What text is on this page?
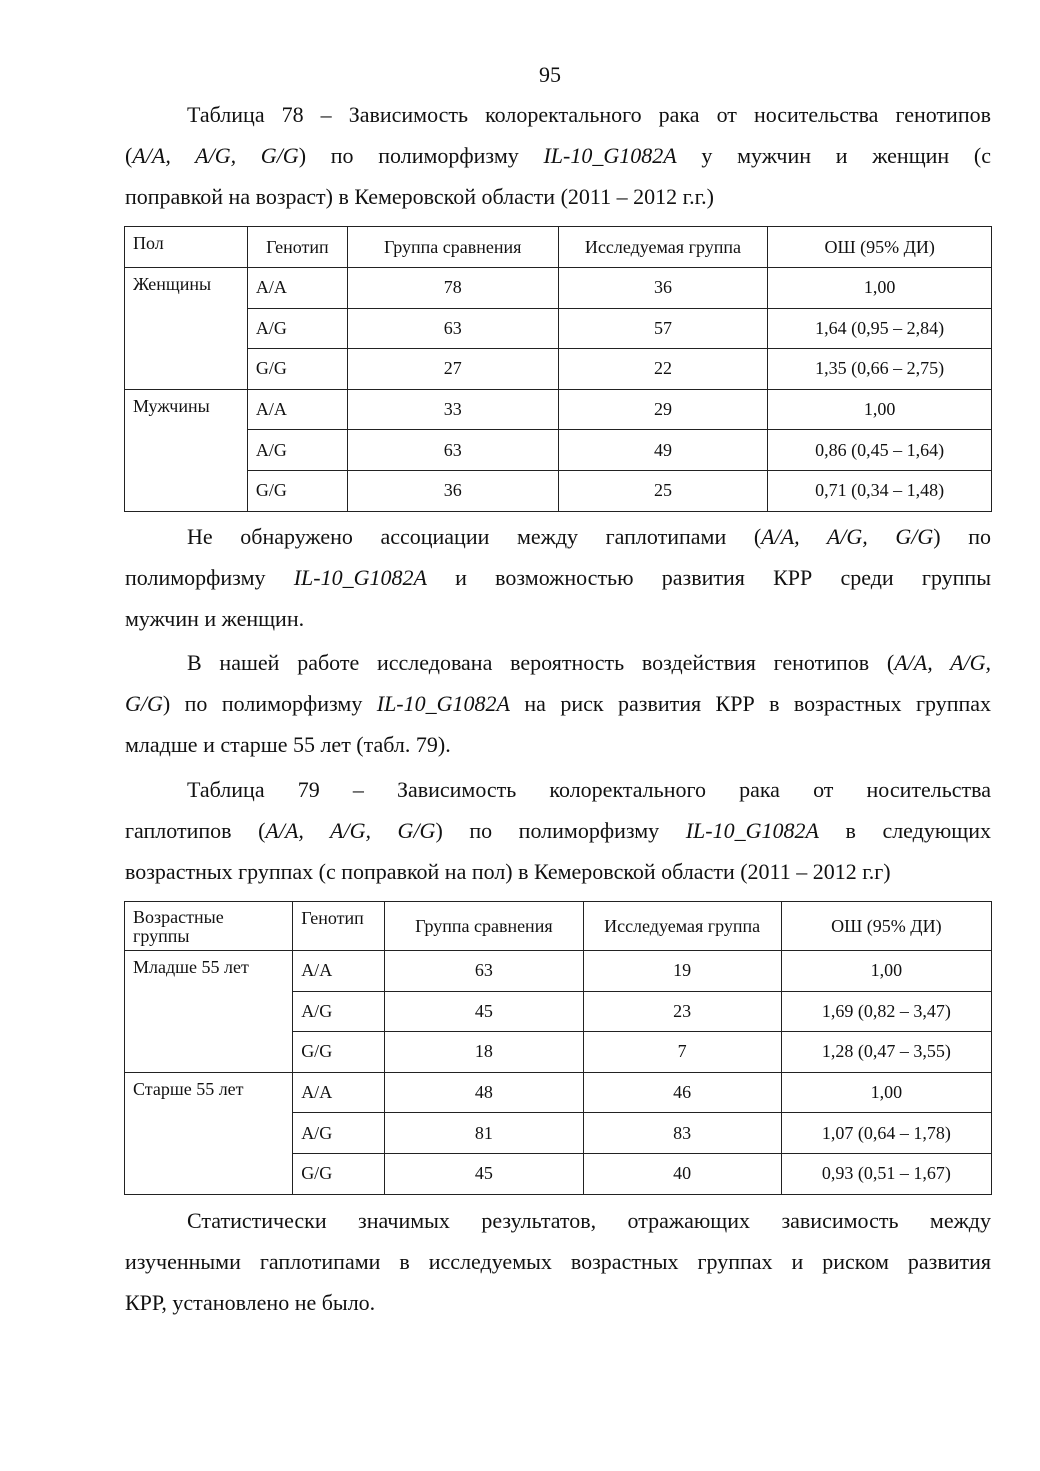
95
Таблица 78 – Зависимость колоректального рака от носительства генотипов
(A/A, A/G, G/G) по полиморфизму IL-10_G1082A у мужчин и женщин (с
поправкой на возраст) в Кемеровской области (2011 – 2012 г.г.)
Пол	Генотип	Группа сравнения	Исследуемая группа	ОШ (95% ДИ)
Женщины	A/A	78	36	1,00
	A/G	63	57	1,64 (0,95 – 2,84)
	G/G	27	22	1,35 (0,66 – 2,75)
Мужчины	A/A	33	29	1,00
	A/G	63	49	0,86 (0,45 – 1,64)
	G/G	36	25	0,71 (0,34 – 1,48)
Не обнаружено ассоциации между гаплотипами (A/A, A/G, G/G) по
полиморфизму IL-10_G1082A и возможностью развития КРР среди группы
мужчин и женщин.
В нашей работе исследована вероятность воздействия генотипов (A/A, A/G,
G/G) по полиморфизму IL-10_G1082A на риск развития КРР в возрастных группах
младше и старше 55 лет (табл. 79).
Таблица 79 – Зависимость колоректального рака от носительства
гаплотипов (A/A, A/G, G/G) по полиморфизму IL-10_G1082A в следующих
возрастных группах (с поправкой на пол) в Кемеровской области (2011 – 2012 г.г)
Возрастные группы	Генотип	Группа сравнения	Исследуемая группа	ОШ (95% ДИ)
Младше 55 лет	A/A	63	19	1,00
	A/G	45	23	1,69 (0,82 – 3,47)
	G/G	18	7	1,28 (0,47 – 3,55)
Старше 55 лет	A/A	48	46	1,00
	A/G	81	83	1,07 (0,64 – 1,78)
	G/G	45	40	0,93 (0,51 – 1,67)
Статистически значимых результатов, отражающих зависимость между
изученными гаплотипами в исследуемых возрастных группах и риском развития
КРР, установлено не было.
